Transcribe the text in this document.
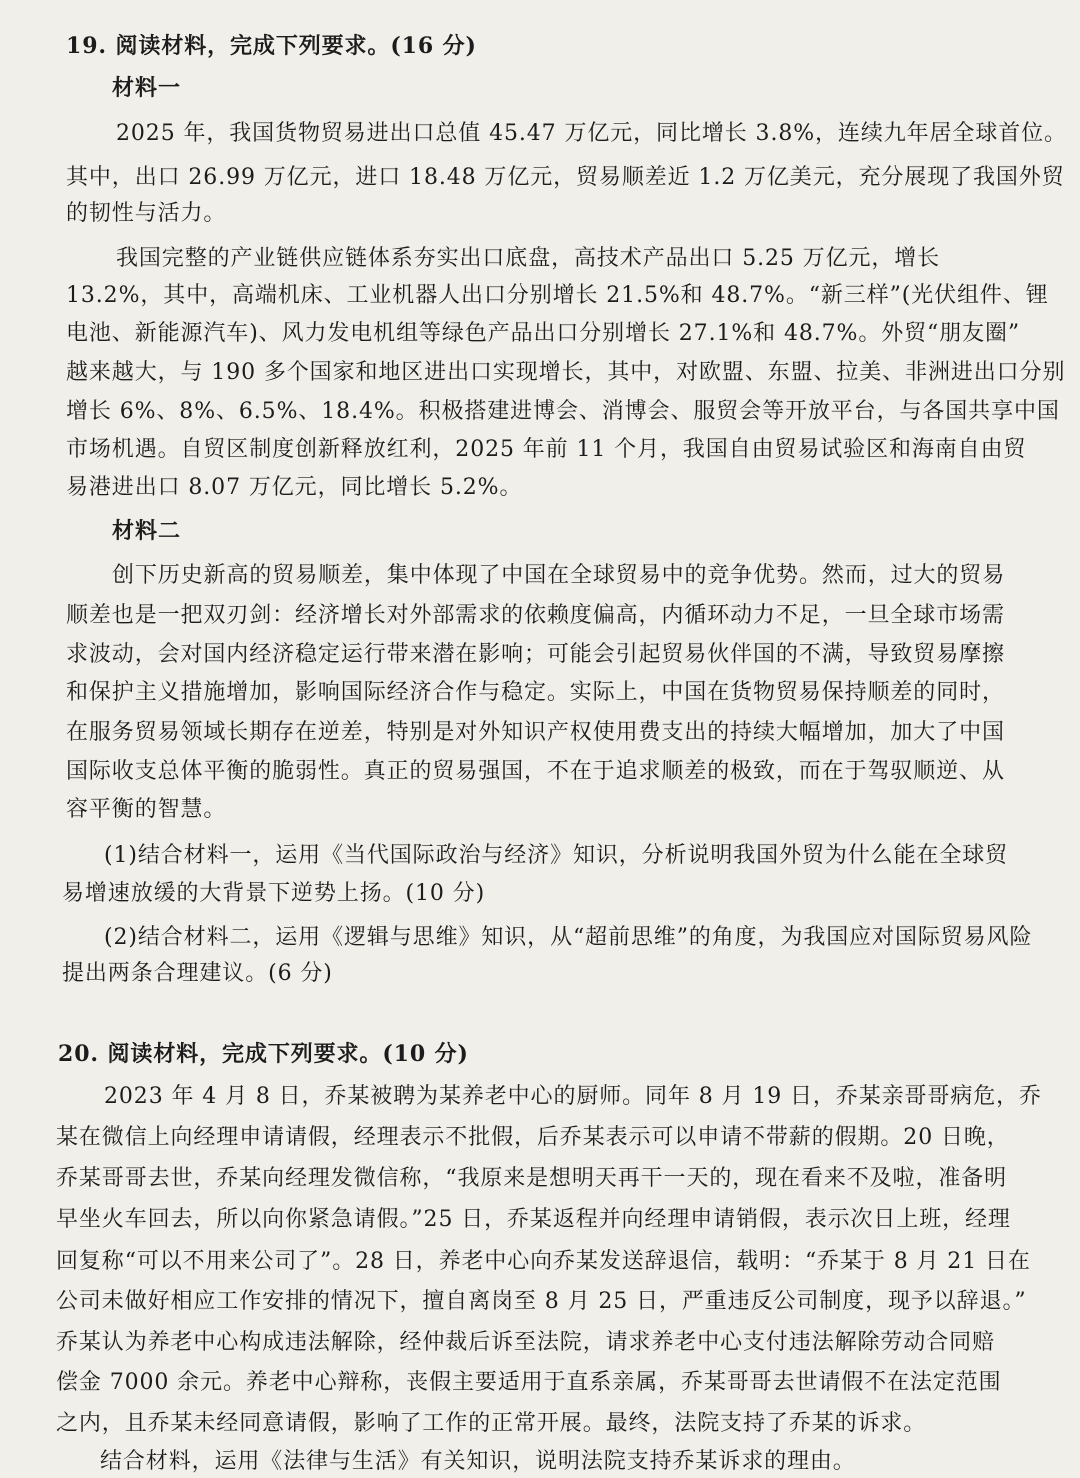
19. 阅读材料，完成下列要求。(16 分)
材料一
2025 年，我国货物贸易进出口总值 45.47 万亿元，同比增长 3.8%，连续九年居全球首位。
其中，出口 26.99 万亿元，进口 18.48 万亿元，贸易顺差近 1.2 万亿美元，充分展现了我国外贸
的韧性与活力。
我国完整的产业链供应链体系夯实出口底盘，高技术产品出口 5.25 万亿元，增长
13.2%，其中，高端机床、工业机器人出口分别增长 21.5%和 48.7%。“新三样”(光伏组件、锂
电池、新能源汽车)、风力发电机组等绿色产品出口分别增长 27.1%和 48.7%。外贸“朋友圈”
越来越大，与 190 多个国家和地区进出口实现增长，其中，对欧盟、东盟、拉美、非洲进出口分别
增长 6%、8%、6.5%、18.4%。积极搭建进博会、消博会、服贸会等开放平台，与各国共享中国
市场机遇。自贸区制度创新释放红利，2025 年前 11 个月，我国自由贸易试验区和海南自由贸
易港进出口 8.07 万亿元，同比增长 5.2%。
材料二
创下历史新高的贸易顺差，集中体现了中国在全球贸易中的竞争优势。然而，过大的贸易
顺差也是一把双刃剑：经济增长对外部需求的依赖度偏高，内循环动力不足，一旦全球市场需
求波动，会对国内经济稳定运行带来潜在影响；可能会引起贸易伙伴国的不满，导致贸易摩擦
和保护主义措施增加，影响国际经济合作与稳定。实际上，中国在货物贸易保持顺差的同时，
在服务贸易领域长期存在逆差，特别是对外知识产权使用费支出的持续大幅增加，加大了中国
国际收支总体平衡的脆弱性。真正的贸易强国，不在于追求顺差的极致，而在于驾驭顺逆、从
容平衡的智慧。
(1)结合材料一，运用《当代国际政治与经济》知识，分析说明我国外贸为什么能在全球贸
易增速放缓的大背景下逆势上扬。(10 分)
(2)结合材料二，运用《逻辑与思维》知识，从“超前思维”的角度，为我国应对国际贸易风险
提出两条合理建议。(6 分)
20. 阅读材料，完成下列要求。(10 分)
2023 年 4 月 8 日，乔某被聘为某养老中心的厨师。同年 8 月 19 日，乔某亲哥哥病危，乔
某在微信上向经理申请请假，经理表示不批假，后乔某表示可以申请不带薪的假期。20 日晚，
乔某哥哥去世，乔某向经理发微信称，“我原来是想明天再干一天的，现在看来不及啦，准备明
早坐火车回去，所以向你紧急请假。”25 日，乔某返程并向经理申请销假，表示次日上班，经理
回复称“可以不用来公司了”。28 日，养老中心向乔某发送辞退信，载明：“乔某于 8 月 21 日在
公司未做好相应工作安排的情况下，擅自离岗至 8 月 25 日，严重违反公司制度，现予以辞退。”
乔某认为养老中心构成违法解除，经仲裁后诉至法院，请求养老中心支付违法解除劳动合同赔
偿金 7000 余元。养老中心辩称，丧假主要适用于直系亲属，乔某哥哥去世请假不在法定范围
之内，且乔某未经同意请假，影响了工作的正常开展。最终，法院支持了乔某的诉求。
结合材料，运用《法律与生活》有关知识，说明法院支持乔某诉求的理由。
